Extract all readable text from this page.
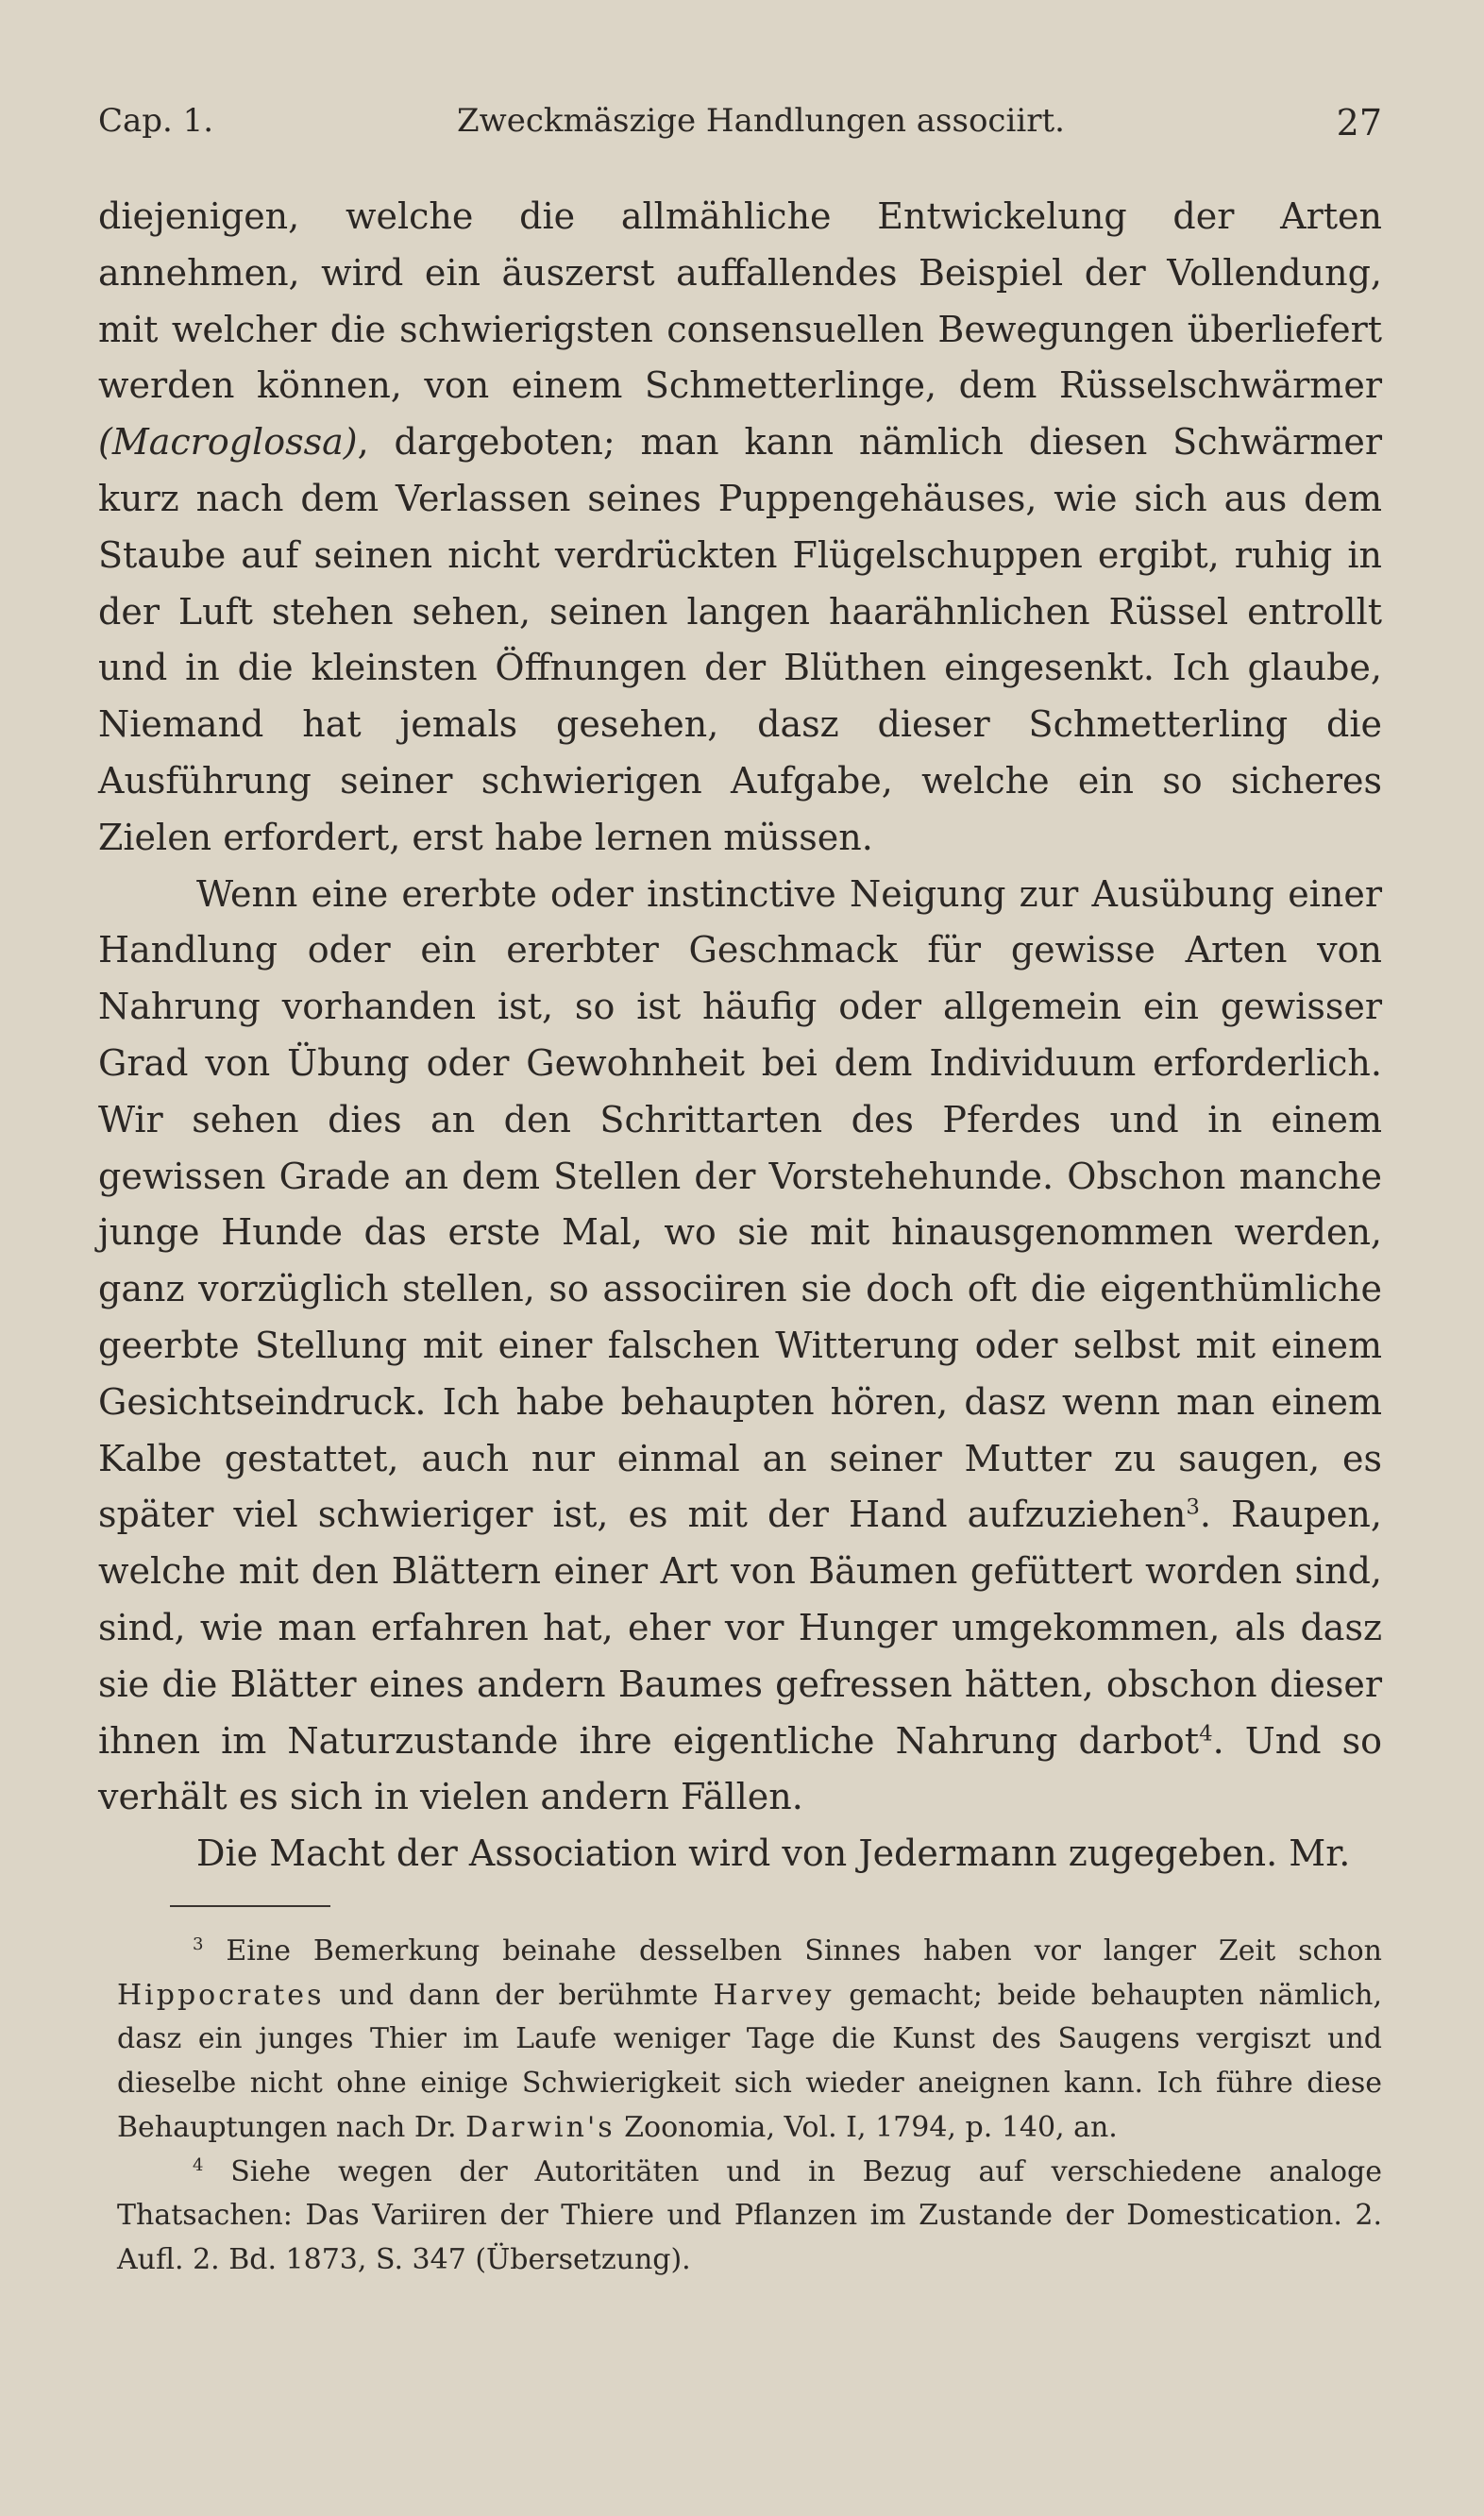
Cap. 1.	Zweckmäszige Handlungen associirt.	27

diejenigen, welche die allmähliche Entwickelung der Arten annehmen, wird ein äuszerst auffallendes Beispiel der Vollendung, mit welcher die schwierigsten consensuellen Bewegungen überliefert werden können, von einem Schmetterlinge, dem Rüsselschwärmer (Macroglossa), dargeboten; man kann nämlich diesen Schwärmer kurz nach dem Verlassen seines Puppengehäuses, wie sich aus dem Staube auf seinen nicht verdrückten Flügelschuppen ergibt, ruhig in der Luft stehen sehen, seinen langen haarähnlichen Rüssel entrollt und in die kleinsten Öffnungen der Blüthen eingesenkt. Ich glaube, Niemand hat jemals gesehen, dasz dieser Schmetterling die Ausführung seiner schwierigen Aufgabe, welche ein so sicheres Zielen erfordert, erst habe lernen müssen.

Wenn eine ererbte oder instinctive Neigung zur Ausübung einer Handlung oder ein ererbter Geschmack für gewisse Arten von Nahrung vorhanden ist, so ist häufig oder allgemein ein gewisser Grad von Übung oder Gewohnheit bei dem Individuum erforderlich. Wir sehen dies an den Schrittarten des Pferdes und in einem gewissen Grade an dem Stellen der Vorstehehunde. Obschon manche junge Hunde das erste Mal, wo sie mit hinausgenommen werden, ganz vorzüglich stellen, so associiren sie doch oft die eigenthümliche geerbte Stellung mit einer falschen Witterung oder selbst mit einem Gesichtseindruck. Ich habe behaupten hören, dasz wenn man einem Kalbe gestattet, auch nur einmal an seiner Mutter zu saugen, es später viel schwieriger ist, es mit der Hand aufzuziehen$^3$. Raupen, welche mit den Blättern einer Art von Bäumen gefüttert worden sind, sind, wie man erfahren hat, eher vor Hunger umgekommen, als dasz sie die Blätter eines andern Baumes gefressen hätten, obschon dieser ihnen im Naturzustande ihre eigentliche Nahrung darbot$^4$. Und so verhält es sich in vielen andern Fällen.

Die Macht der Association wird von Jedermann zugegeben. Mr.

$^3$ Eine Bemerkung beinahe desselben Sinnes haben vor langer Zeit schon Hippocrates und dann der berühmte Harvey gemacht; beide behaupten nämlich, dasz ein junges Thier im Laufe weniger Tage die Kunst des Saugens vergiszt und dieselbe nicht ohne einige Schwierigkeit sich wieder aneignen kann. Ich führe diese Behauptungen nach Dr. Darwin's Zoonomia, Vol. I, 1794, p. 140, an.

$^4$ Siehe wegen der Autoritäten und in Bezug auf verschiedene analoge Thatsachen: Das Variiren der Thiere und Pflanzen im Zustande der Domestication. 2. Aufl. 2. Bd. 1873, S. 347 (Übersetzung).
